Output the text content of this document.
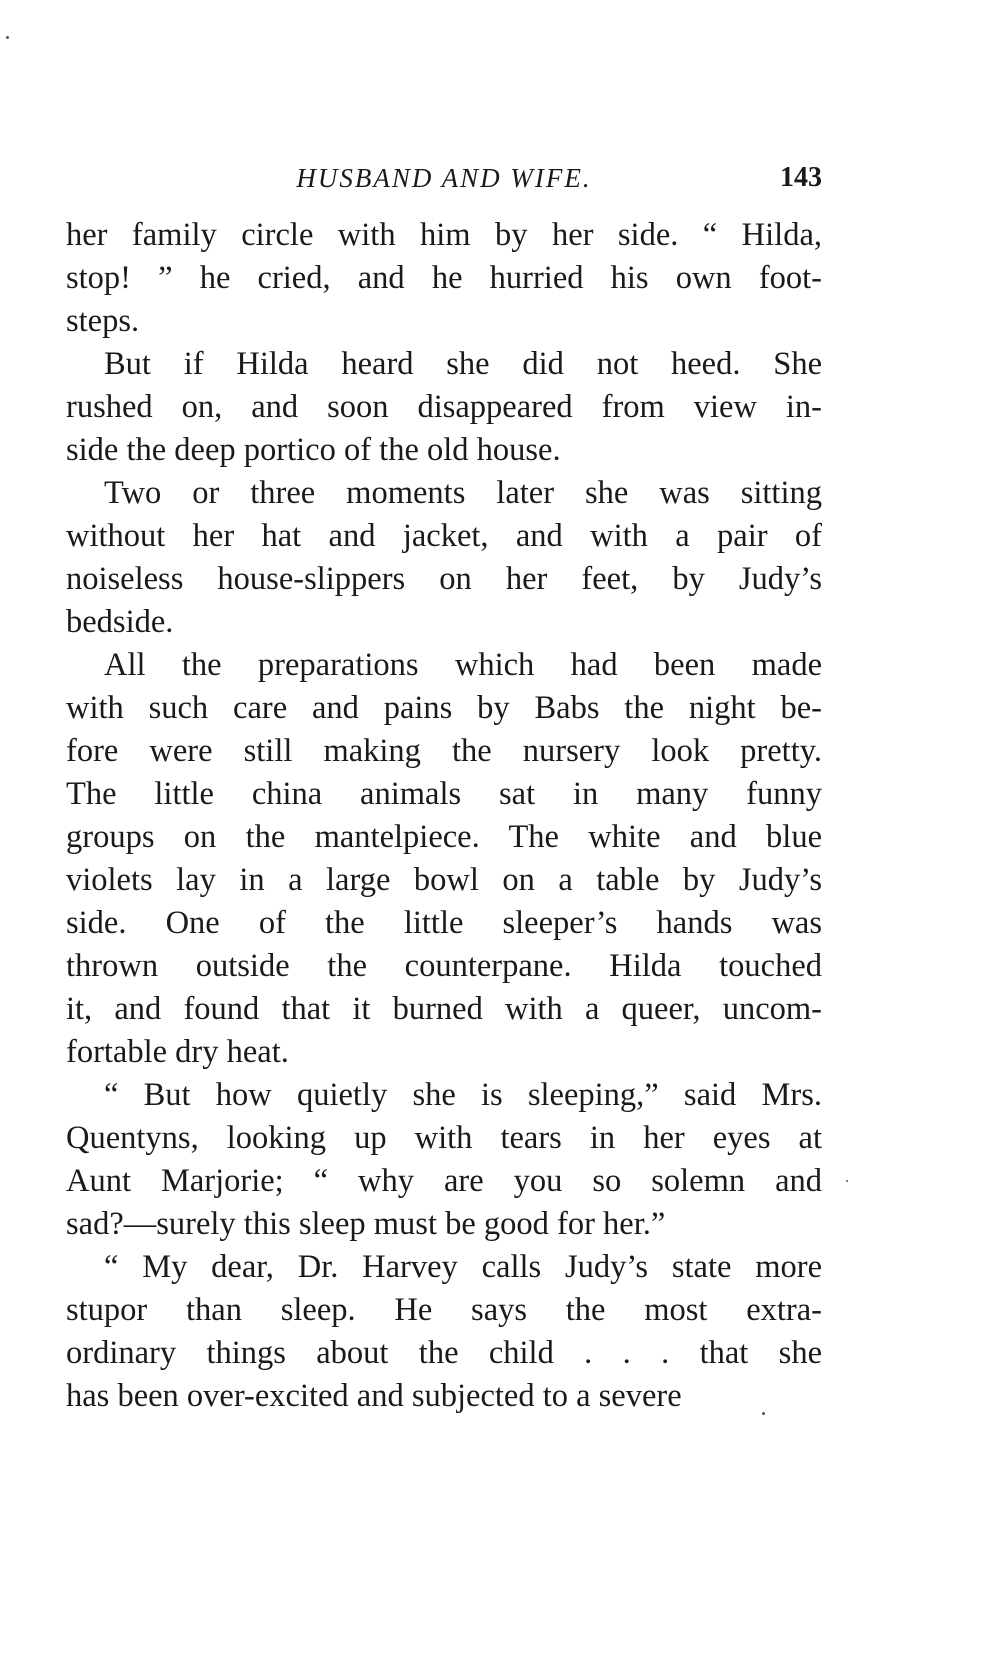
HUSBAND AND WIFE.	143
her family circle with him by her side. “ Hilda,
stop! ” he cried, and he hurried his own foot-
steps.
But if Hilda heard she did not heed. She
rushed on, and soon disappeared from view in-
side the deep portico of the old house.
Two or three moments later she was sitting
without her hat and jacket, and with a pair of
noiseless house-slippers on her feet, by Judy’s
bedside.
All the preparations which had been made
with such care and pains by Babs the night be-
fore were still making the nursery look pretty.
The little china animals sat in many funny
groups on the mantelpiece. The white and blue
violets lay in a large bowl on a table by Judy’s
side. One of the little sleeper’s hands was
thrown outside the counterpane. Hilda touched
it, and found that it burned with a queer, uncom-
fortable dry heat.
“ But how quietly she is sleeping,” said Mrs.
Quentyns, looking up with tears in her eyes at
Aunt Marjorie; “ why are you so solemn and
sad?—surely this sleep must be good for her.”
“ My dear, Dr. Harvey calls Judy’s state more
stupor than sleep. He says the most extra-
ordinary things about the child . . . that she
has been over-excited and subjected to a severe
